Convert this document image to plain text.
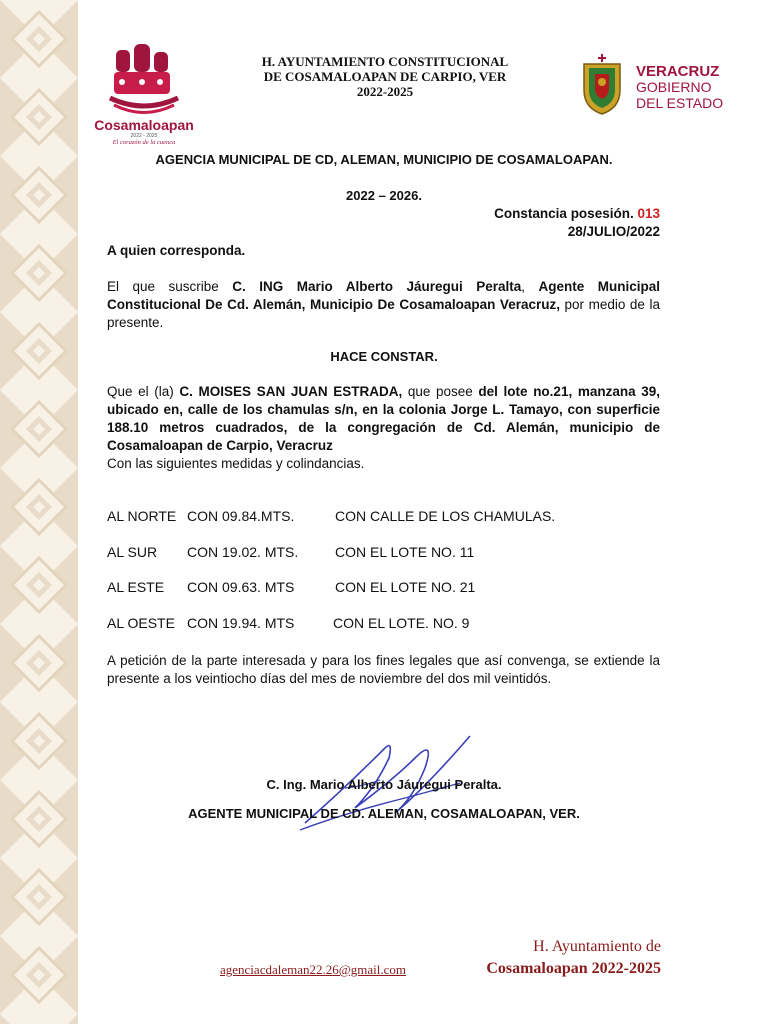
Cosamaloapan
2022 - 2025
El corazón de la cuenca
H. AYUNTAMIENTO CONSTITUCIONAL
DE COSAMALOAPAN DE CARPIO, VER
2022-2025
VERACRUZ
GOBIERNO
DEL ESTADO
AGENCIA MUNICIPAL DE CD, ALEMAN, MUNICIPIO DE COSAMALOAPAN.
2022 – 2026.
Constancia posesión. 013
28/JULIO/2022
A quien corresponda.
El que suscribe C. ING Mario Alberto Jáuregui Peralta, Agente Municipal Constitucional De Cd. Alemán, Municipio De Cosamaloapan Veracruz, por medio de la presente.
HACE CONSTAR.
Que el (la) C. MOISES SAN JUAN ESTRADA, que posee del lote no.21, manzana 39, ubicado en, calle de los chamulas s/n, en la colonia Jorge L. Tamayo, con superficie 188.10 metros cuadrados, de la congregación de Cd. Alemán, municipio de Cosamaloapan de Carpio, Veracruz
Con las siguientes medidas y colindancias.
AL NORTE CON 09.84.MTS.	CON CALLE DE LOS CHAMULAS.
AL SUR CON 19.02. MTS.	CON EL LOTE NO. 11
AL ESTE CON 09.63. MTS	CON EL LOTE NO. 21
AL OESTE CON 19.94. MTS	CON EL LOTE. NO. 9
A petición de la parte interesada y para los fines legales que así convenga, se extiende la presente a los veintiocho días del mes de noviembre del dos mil veintidós.
C. Ing. Mario Alberto Jáuregui Peralta.
AGENTE MUNICIPAL DE CD. ALEMAN, COSAMALOAPAN, VER.
agenciacdaleman22.26@gmail.com
H. Ayuntamiento de
Cosamaloapan 2022-2025
